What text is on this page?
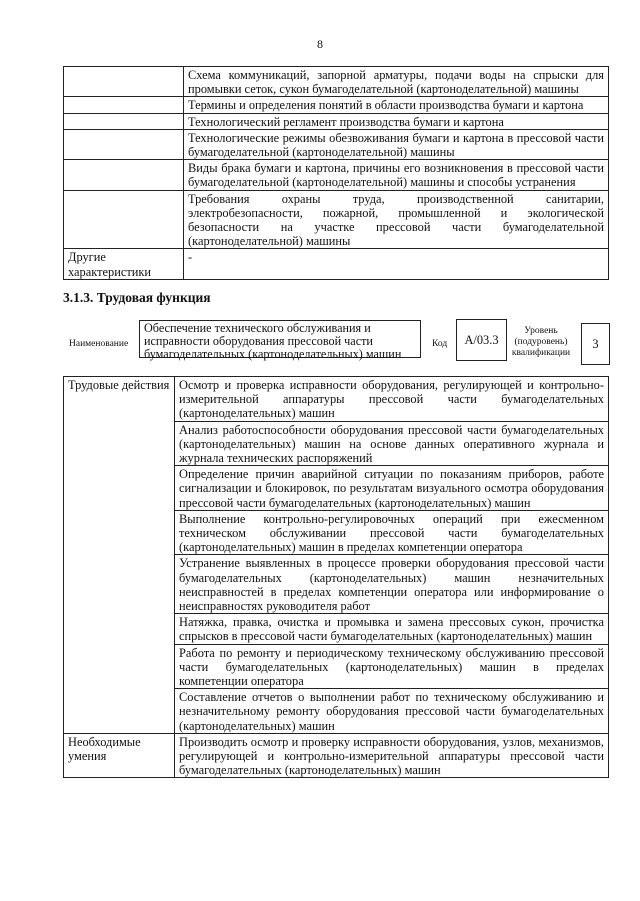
8
	Схема коммуникаций, запорной арматуры, подачи воды на спрыски для промывки сеток, сукон бумагоделательной (картоноделательной) машины
	Термины и определения понятий в области производства бумаги и картона
	Технологический регламент производства бумаги и картона
	Технологические режимы обезвоживания бумаги и картона в прессовой части бумагоделательной (картоноделательной) машины
	Виды брака бумаги и картона, причины его возникновения в прессовой части бумагоделательной (картоноделательной) машины и способы устранения
	Требования охраны труда, производственной санитарии, электробезопасности, пожарной, промышленной и экологической безопасности на участке прессовой части бумагоделательной (картоноделательной) машины
Другие характеристики	-
3.1.3. Трудовая функция
Наименование
Обеспечение технического обслуживания и исправности оборудования прессовой части бумагоделательных (картоноделательных) машин
Код	A/03.3
Уровень (подуровень) квалификации
3
Трудовые действия	Осмотр и проверка исправности оборудования, регулирующей и контрольно-измерительной аппаратуры прессовой части бумагоделательных (картоноделательных) машин
	Анализ работоспособности оборудования прессовой части бумагоделательных (картоноделательных) машин на основе данных оперативного журнала и журнала технических распоряжений
	Определение причин аварийной ситуации по показаниям приборов, работе сигнализации и блокировок, по результатам визуального осмотра оборудования прессовой части бумагоделательных (картоноделательных) машин
	Выполнение контрольно-регулировочных операций при ежесменном техническом обслуживании прессовой части бумагоделательных (картоноделательных) машин в пределах компетенции оператора
	Устранение выявленных в процессе проверки оборудования прессовой части бумагоделательных (картоноделательных) машин незначительных неисправностей в пределах компетенции оператора или информирование о неисправностях руководителя работ
	Натяжка, правка, очистка и промывка и замена прессовых сукон, прочистка спрысков в прессовой части бумагоделательных (картоноделательных) машин
	Работа по ремонту и периодическому техническому обслуживанию прессовой части бумагоделательных (картоноделательных) машин в пределах компетенции оператора
	Составление отчетов о выполнении работ по техническому обслуживанию и незначительному ремонту оборудования прессовой части бумагоделательных (картоноделательных) машин
Необходимые умения	Производить осмотр и проверку исправности оборудования, узлов, механизмов, регулирующей и контрольно-измерительной аппаратуры прессовой части бумагоделательных (картоноделательных) машин
